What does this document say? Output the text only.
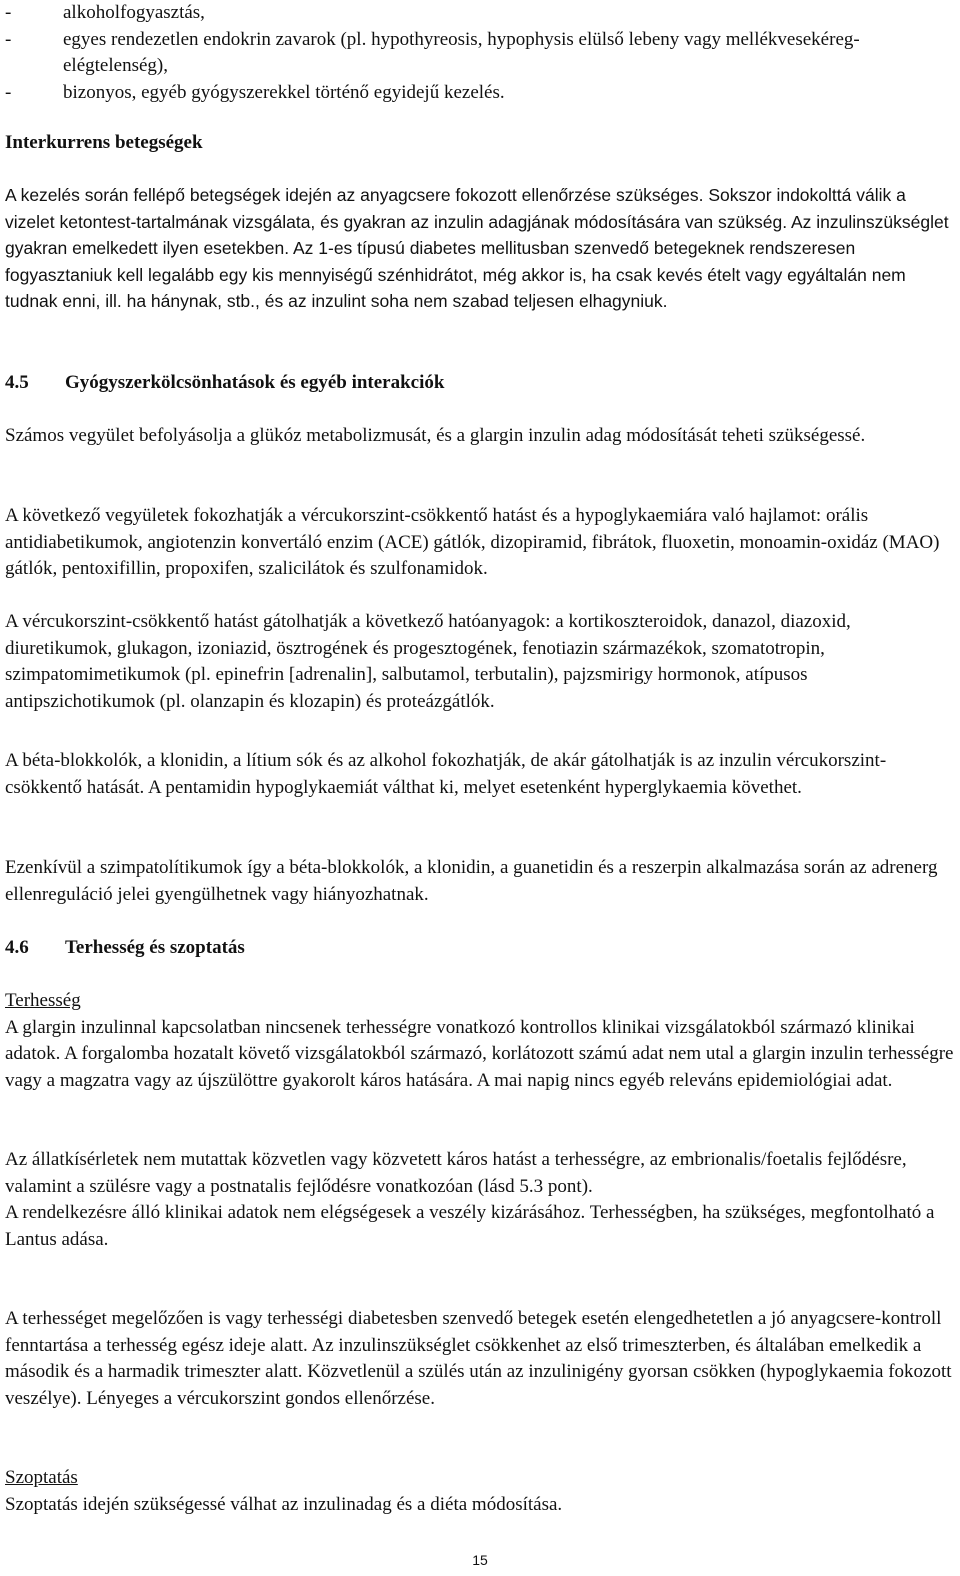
-	alkoholfogyasztás,
-	egyes rendezetlen endokrin zavarok (pl. hypothyreosis, hypophysis elülső lebeny vagy mellékvesekéreg-elégtelenség),
-	bizonyos, egyéb gyógyszerekkel történő egyidejű kezelés.
Interkurrens betegségek

A kezelés során fellépő betegségek idején az anyagcsere fokozott ellenőrzése szükséges. Sokszor indokolttá válik a vizelet ketontest-tartalmának vizsgálata, és gyakran az inzulin adagjának módosítására van szükség. Az inzulinszükséglet gyakran emelkedett ilyen esetekben. Az 1-es típusú diabetes mellitusban szenvedő betegeknek rendszeresen fogyasztaniuk kell legalább egy kis mennyiségű szénhidrátot, még akkor is, ha csak kevés ételt vagy egyáltalán nem tudnak enni, ill. ha hánynak, stb., és az inzulint soha nem szabad teljesen elhagyniuk.

4.5 Gyógyszerkölcsönhatások és egyéb interakciók

Számos vegyület befolyásolja a glükóz metabolizmusát, és a glargin inzulin adag módosítását teheti szükségessé.

A következő vegyületek fokozhatják a vércukorszint-csökkentő hatást és a hypoglykaemiára való hajlamot: orális antidiabetikumok, angiotenzin konvertáló enzim (ACE) gátlók, dizopiramid, fibrátok, fluoxetin, monoamin-oxidáz (MAO) gátlók, pentoxifillin, propoxifen, szalicilátok és szulfonamidok.

A vércukorszint-csökkentő hatást gátolhatják a következő hatóanyagok: a kortikoszteroidok, danazol, diazoxid, diuretikumok, glukagon, izoniazid, ösztrogének és progesztogének, fenotiazin származékok, szomatotropin, szimpatomimetikumok (pl. epinefrin [adrenalin], salbutamol, terbutalin), pajzsmirigy hormonok, atípusos antipszichotikumok (pl. olanzapin és klozapin) és proteázgátlók.

A béta-blokkolók, a klonidin, a lítium sók és az alkohol fokozhatják, de akár gátolhatják is az inzulin vércukorszint-csökkentő hatását. A pentamidin hypoglykaemiát válthat ki, melyet esetenként hyperglykaemia követhet.

Ezenkívül a szimpatolítikumok így a béta-blokkolók, a klonidin, a guanetidin és a reszerpin alkalmazása során az adrenerg ellenreguláció jelei gyengülhetnek vagy hiányozhatnak.

4.6 Terhesség és szoptatás
Terhesség
A glargin inzulinnal kapcsolatban nincsenek terhességre vonatkozó kontrollos klinikai vizsgálatokból származó klinikai adatok. A forgalomba hozatalt követő vizsgálatokból származó, korlátozott számú adat nem utal a glargin inzulin terhességre vagy a magzatra vagy az újszülöttre gyakorolt káros hatására. A mai napig nincs egyéb releváns epidemiológiai adat.
Az állatkísérletek nem mutattak közvetlen vagy közvetett káros hatást a terhességre, az embrionalis/foetalis fejlődésre, valamint a szülésre vagy a postnatalis fejlődésre vonatkozóan (lásd 5.3 pont).
A rendelkezésre álló klinikai adatok nem elégségesek a veszély kizárásához. Terhességben, ha szükséges, megfontolható a Lantus adása.

A terhességet megelőzően is vagy terhességi diabetesben szenvedő betegek esetén elengedhetetlen a jó anyagcsere-kontroll fenntartása a terhesség egész ideje alatt. Az inzulinszükséglet csökkenhet az első trimeszterben, és általában emelkedik a második és a harmadik trimeszter alatt. Közvetlenül a szülés után az inzulinigény gyorsan csökken (hypoglykaemia fokozott veszélye). Lényeges a vércukorszint gondos ellenőrzése.

Szoptatás
Szoptatás idején szükségessé válhat az inzulinadag és a diéta módosítása.
15
